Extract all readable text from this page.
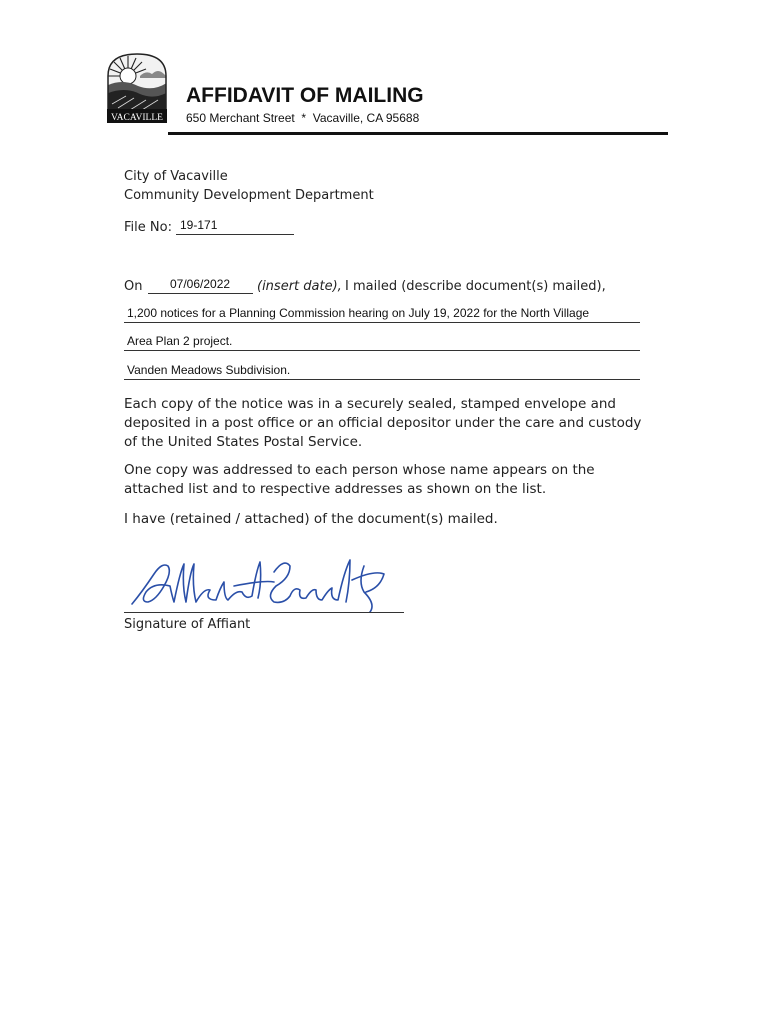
VACAVILLE
AFFIDAVIT OF MAILING
650 Merchant Street  *  Vacaville, CA 95688
City of Vacaville
Community Development Department
File No: 19-171
On 07/06/2022 (insert date), I mailed (describe document(s) mailed),
1,200 notices for a Planning Commission hearing on July 19, 2022 for the North Village
Area Plan 2 project.
Vanden Meadows Subdivision.
Each copy of the notice was in a securely sealed, stamped envelope and deposited in a post office or an official depositor under the care and custody of the United States Postal Service.
One copy was addressed to each person whose name appears on the attached list and to respective addresses as shown on the list.
I have (retained / attached) of the document(s) mailed.
Signature of Affiant
